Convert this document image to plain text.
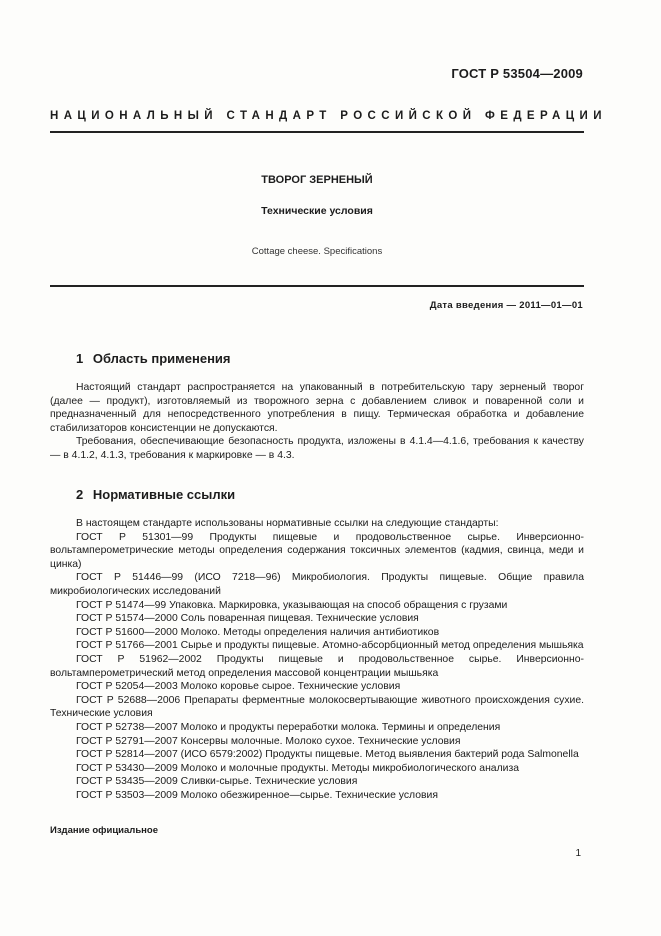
ГОСТ Р 53504—2009
НАЦИОНАЛЬНЫЙ СТАНДАРТ РОССИЙСКОЙ ФЕДЕРАЦИИ
ТВОРОГ ЗЕРНЕНЫЙ
Технические условия
Cottage cheese. Specifications
Дата введения — 2011—01—01
1 Область применения

Настоящий стандарт распространяется на упакованный в потребительскую тару зерненый творог (далее — продукт), изготовляемый из творожного зерна с добавлением сливок и поваренной соли и предназначенный для непосредственного употребления в пищу. Термическая обработка и добавление стабилизаторов консистенции не допускаются.

Требования, обеспечивающие безопасность продукта, изложены в 4.1.4—4.1.6, требования к качеству — в 4.1.2, 4.1.3, требования к маркировке — в 4.3.

2 Нормативные ссылки

В настоящем стандарте использованы нормативные ссылки на следующие стандарты:

ГОСТ Р 51301—99 Продукты пищевые и продовольственное сырье. Инверсионно-вольтамперометрические методы определения содержания токсичных элементов (кадмия, свинца, меди и цинка)

ГОСТ Р 51446—99 (ИСО 7218—96) Микробиология. Продукты пищевые. Общие правила микробиологических исследований

ГОСТ Р 51474—99 Упаковка. Маркировка, указывающая на способ обращения с грузами

ГОСТ Р 51574—2000 Соль поваренная пищевая. Технические условия

ГОСТ Р 51600—2000 Молоко. Методы определения наличия антибиотиков

ГОСТ Р 51766—2001 Сырье и продукты пищевые. Атомно-абсорбционный метод определения мышьяка

ГОСТ Р 51962—2002 Продукты пищевые и продовольственное сырье. Инверсионно-вольтамперометрический метод определения массовой концентрации мышьяка

ГОСТ Р 52054—2003 Молоко коровье сырое. Технические условия

ГОСТ Р 52688—2006 Препараты ферментные молокосвертывающие животного происхождения сухие. Технические условия

ГОСТ Р 52738—2007 Молоко и продукты переработки молока. Термины и определения

ГОСТ Р 52791—2007 Консервы молочные. Молоко сухое. Технические условия

ГОСТ Р 52814—2007 (ИСО 6579:2002) Продукты пищевые. Метод выявления бактерий рода Salmonella

ГОСТ Р 53430—2009 Молоко и молочные продукты. Методы микробиологического анализа

ГОСТ Р 53435—2009 Сливки-сырье. Технические условия

ГОСТ Р 53503—2009 Молоко обезжиренное—сырье. Технические условия

Издание официальное
1
